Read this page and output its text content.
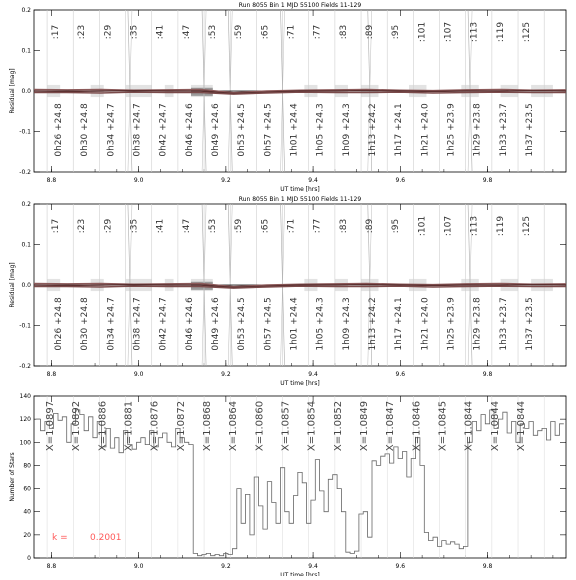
8.8	9.0	9.2	9.4	9.6	9.8
-0.2
-0.1
0.0
0.1
0.2
UT time [hrs]
Residual [mag]
Run 8055 Bin 1 MJD 55100 Fields 11-129
:17 :23 :29 :35 :41 :47 :53 :59 :65 :71 :77 :83 :89 :95 :101 :107 :113 :119 :125
0h26 +24.8 0h30 +24.8 0h34 +24.7 0h38 +24.7 0h42 +24.7 0h46 +24.6 0h49 +24.6 0h53 +24.5 0h57 +24.5 1h01 +24.4 1h05 +24.3 1h09 +24.3 1h13 +24.2 1h17 +24.1 1h21 +24.0 1h25 +23.9 1h29 +23.8 1h33 +23.7 1h37 +23.5
8.8	9.0	9.2	9.4	9.6	9.8
-0.2
-0.1
0.0
0.1
0.2
UT time [hrs]
Residual [mag]
Run 8055 Bin 1 MJD 55100 Fields 11-129
:17 :23 :29 :35 :41 :47 :53 :59 :65 :71 :77 :83 :89 :95 :101 :107 :113 :119 :125
0h26 +24.8 0h30 +24.8 0h34 +24.7 0h38 +24.7 0h42 +24.7 0h46 +24.6 0h49 +24.6 0h53 +24.5 0h57 +24.5 1h01 +24.4 1h05 +24.3 1h09 +24.3 1h13 +24.2 1h17 +24.1 1h21 +24.0 1h25 +23.9 1h29 +23.8 1h33 +23.7 1h37 +23.5
8.8	9.0	9.2	9.4	9.6	9.8
0
20
40
60
80
100
120
140
UT time [hrs]
Number of Stars
X=1.0897 X=1.0892 X=1.0886 X=1.0881 X=1.0876 X=1.0872 X=1.0868 X=1.0864 X=1.0860 X=1.0857 X=1.0854 X=1.0852 X=1.0849 X=1.0847 X=1.0846 X=1.0845 X=1.0844 X=1.0844 X=1.0844
k = 0.2001
